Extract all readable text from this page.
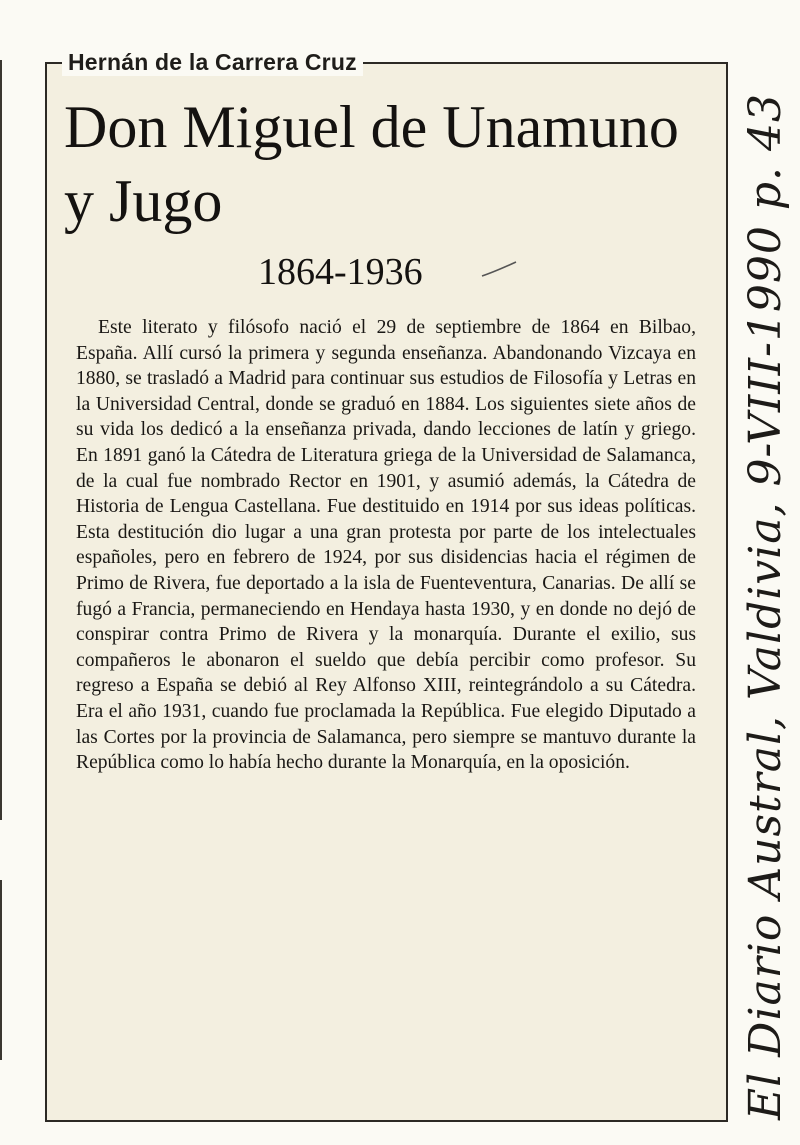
Hernán de la Carrera Cruz
Don Miguel de Unamuno y Jugo
1864-1936

Este literato y filósofo nació el 29 de septiembre de 1864 en Bilbao, España. Allí cursó la primera y segunda enseñanza. Abandonando Vizcaya en 1880, se trasladó a Madrid para continuar sus estudios de Filosofía y Letras en la Universidad Central, donde se graduó en 1884. Los siguientes siete años de su vida los dedicó a la enseñanza privada, dando lecciones de latín y griego. En 1891 ganó la Cátedra de Literatura griega de la Universidad de Salamanca, de la cual fue nombrado Rector en 1901, y asumió además, la Cátedra de Historia de Lengua Castellana. Fue destituido en 1914 por sus ideas políticas. Esta destitución dio lugar a una gran protesta por parte de los intelectuales españoles, pero en febrero de 1924, por sus disidencias hacia el régimen de Primo de Rivera, fue deportado a la isla de Fuenteventura, Canarias. De allí se fugó a Francia, permaneciendo en Hendaya hasta 1930, y en donde no dejó de conspirar contra Primo de Rivera y la monarquía. Durante el exilio, sus compañeros le abonaron el sueldo que debía percibir como profesor. Su regreso a España se debió al Rey Alfonso XIII, reintegrándolo a su Cátedra. Era el año 1931, cuando fue proclamada la República. Fue elegido Diputado a las Cortes por la provincia de Salamanca, pero siempre se mantuvo durante la República como lo había hecho durante la Monarquía, en la oposición.	El Diario Austral, Valdivia, 9-VIII-1990 p. 43
